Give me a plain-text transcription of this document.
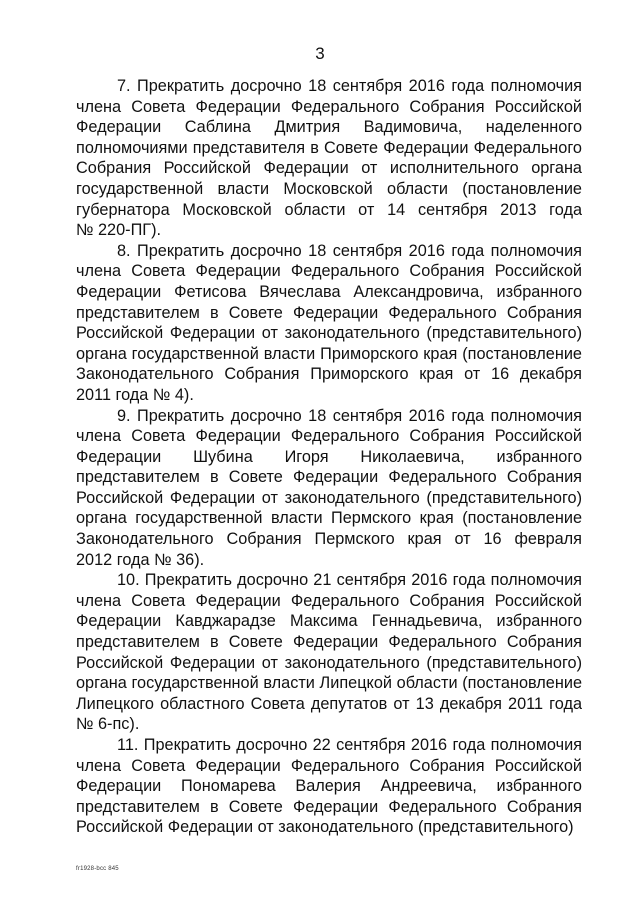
3

7. Прекратить досрочно 18 сентября 2016 года полномочия
члена Совета Федерации Федерального Собрания Российской
Федерации Саблина Дмитрия Вадимовича, наделенного
полномочиями представителя в Совете Федерации Федерального
Собрания Российской Федерации от исполнительного органа
государственной власти Московской области (постановление
губернатора Московской области от 14 сентября 2013 года
№ 220-ПГ).

8. Прекратить досрочно 18 сентября 2016 года полномочия
члена Совета Федерации Федерального Собрания Российской
Федерации Фетисова Вячеслава Александровича, избранного
представителем в Совете Федерации Федерального Собрания
Российской Федерации от законодательного (представительного)
органа государственной власти Приморского края (постановление
Законодательного Собрания Приморского края от 16 декабря
2011 года № 4).

9. Прекратить досрочно 18 сентября 2016 года полномочия
члена Совета Федерации Федерального Собрания Российской
Федерации Шубина Игоря Николаевича, избранного
представителем в Совете Федерации Федерального Собрания
Российской Федерации от законодательного (представительного)
органа государственной власти Пермского края (постановление
Законодательного Собрания Пермского края от 16 февраля
2012 года № 36).

10. Прекратить досрочно 21 сентября 2016 года полномочия
члена Совета Федерации Федерального Собрания Российской
Федерации Кавджарадзе Максима Геннадьевича, избранного
представителем в Совете Федерации Федерального Собрания
Российской Федерации от законодательного (представительного)
органа государственной власти Липецкой области (постановление
Липецкого областного Совета депутатов от 13 декабря 2011 года
№ 6-пс).

11. Прекратить досрочно 22 сентября 2016 года полномочия
члена Совета Федерации Федерального Собрания Российской
Федерации Пономарева Валерия Андреевича, избранного
представителем в Совете Федерации Федерального Собрания
Российской Федерации от законодательного (представительного)

fr1928-bcc 845
